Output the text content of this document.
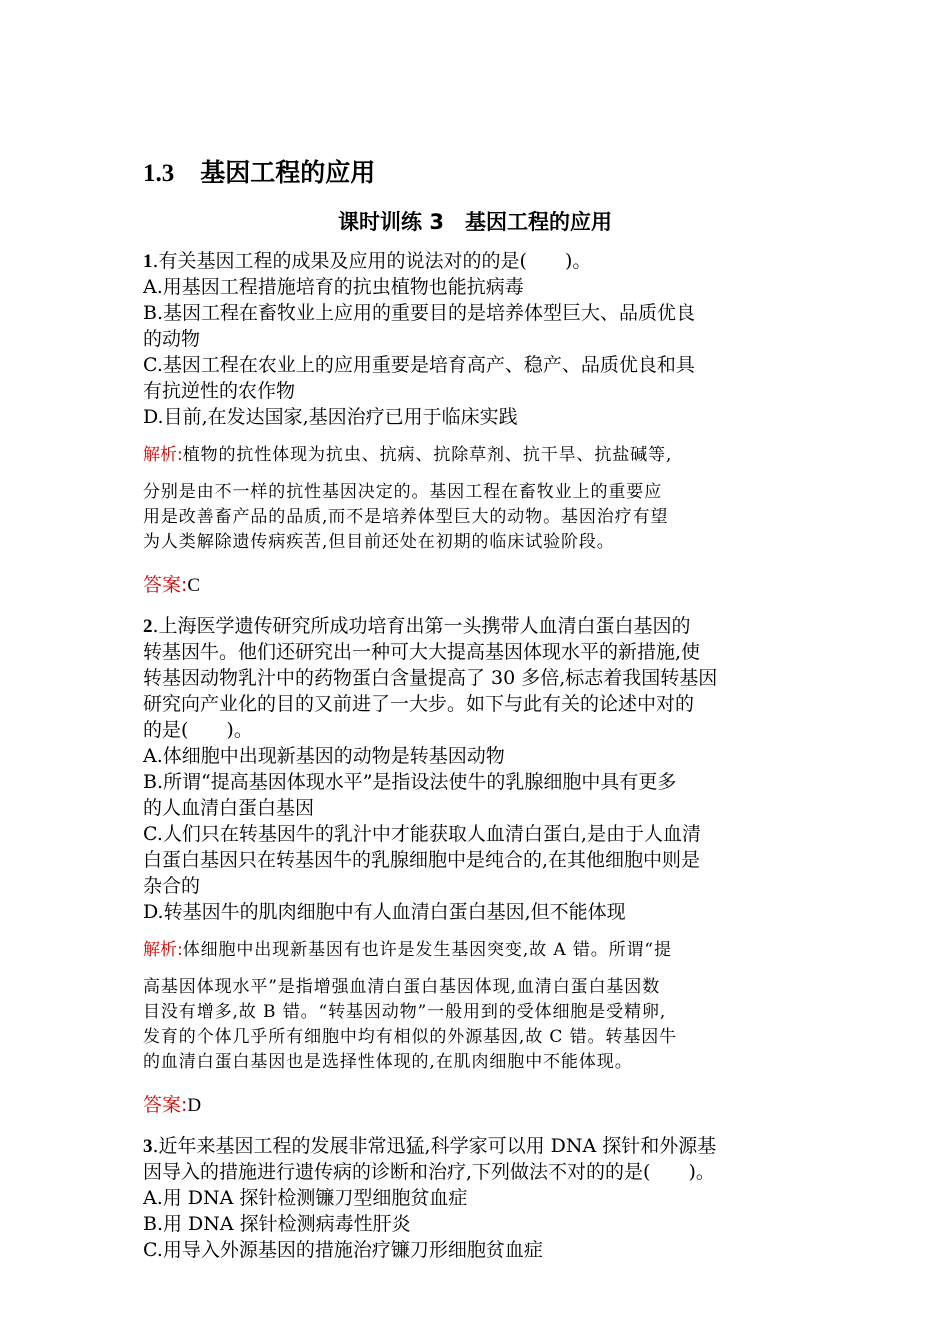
1.3 基因工程的应用
课时训练 3　基因工程的应用
1.有关基因工程的成果及应用的说法对的的是(　　)。
A.用基因工程措施培育的抗虫植物也能抗病毒
B.基因工程在畜牧业上应用的重要目的是培养体型巨大、品质优良
的动物
C.基因工程在农业上的应用重要是培育高产、稳产、品质优良和具
有抗逆性的农作物
D.目前,在发达国家,基因治疗已用于临床实践
解析:植物的抗性体现为抗虫、抗病、抗除草剂、抗干旱、抗盐碱等,
分别是由不一样的抗性基因决定的。基因工程在畜牧业上的重要应
用是改善畜产品的品质,而不是培养体型巨大的动物。基因治疗有望
为人类解除遗传病疾苦,但目前还处在初期的临床试验阶段。
答案:C
2.上海医学遗传研究所成功培育出第一头携带人血清白蛋白基因的
转基因牛。他们还研究出一种可大大提高基因体现水平的新措施,使
转基因动物乳汁中的药物蛋白含量提高了 30 多倍,标志着我国转基因
研究向产业化的目的又前进了一大步。如下与此有关的论述中对的
的是(　　)。
A.体细胞中出现新基因的动物是转基因动物
B.所谓“提高基因体现水平”是指设法使牛的乳腺细胞中具有更多
的人血清白蛋白基因
C.人们只在转基因牛的乳汁中才能获取人血清白蛋白,是由于人血清
白蛋白基因只在转基因牛的乳腺细胞中是纯合的,在其他细胞中则是
杂合的
D.转基因牛的肌肉细胞中有人血清白蛋白基因,但不能体现
解析:体细胞中出现新基因有也许是发生基因突变,故 A 错。所谓“提
高基因体现水平”是指增强血清白蛋白基因体现,血清白蛋白基因数
目没有增多,故 B 错。“转基因动物”一般用到的受体细胞是受精卵,
发育的个体几乎所有细胞中均有相似的外源基因,故 C 错。转基因牛
的血清白蛋白基因也是选择性体现的,在肌肉细胞中不能体现。
答案:D
3.近年来基因工程的发展非常迅猛,科学家可以用 DNA 探针和外源基
因导入的措施进行遗传病的诊断和治疗,下列做法不对的的是(　　)。
A.用 DNA 探针检测镰刀型细胞贫血症
B.用 DNA 探针检测病毒性肝炎
C.用导入外源基因的措施治疗镰刀形细胞贫血症
